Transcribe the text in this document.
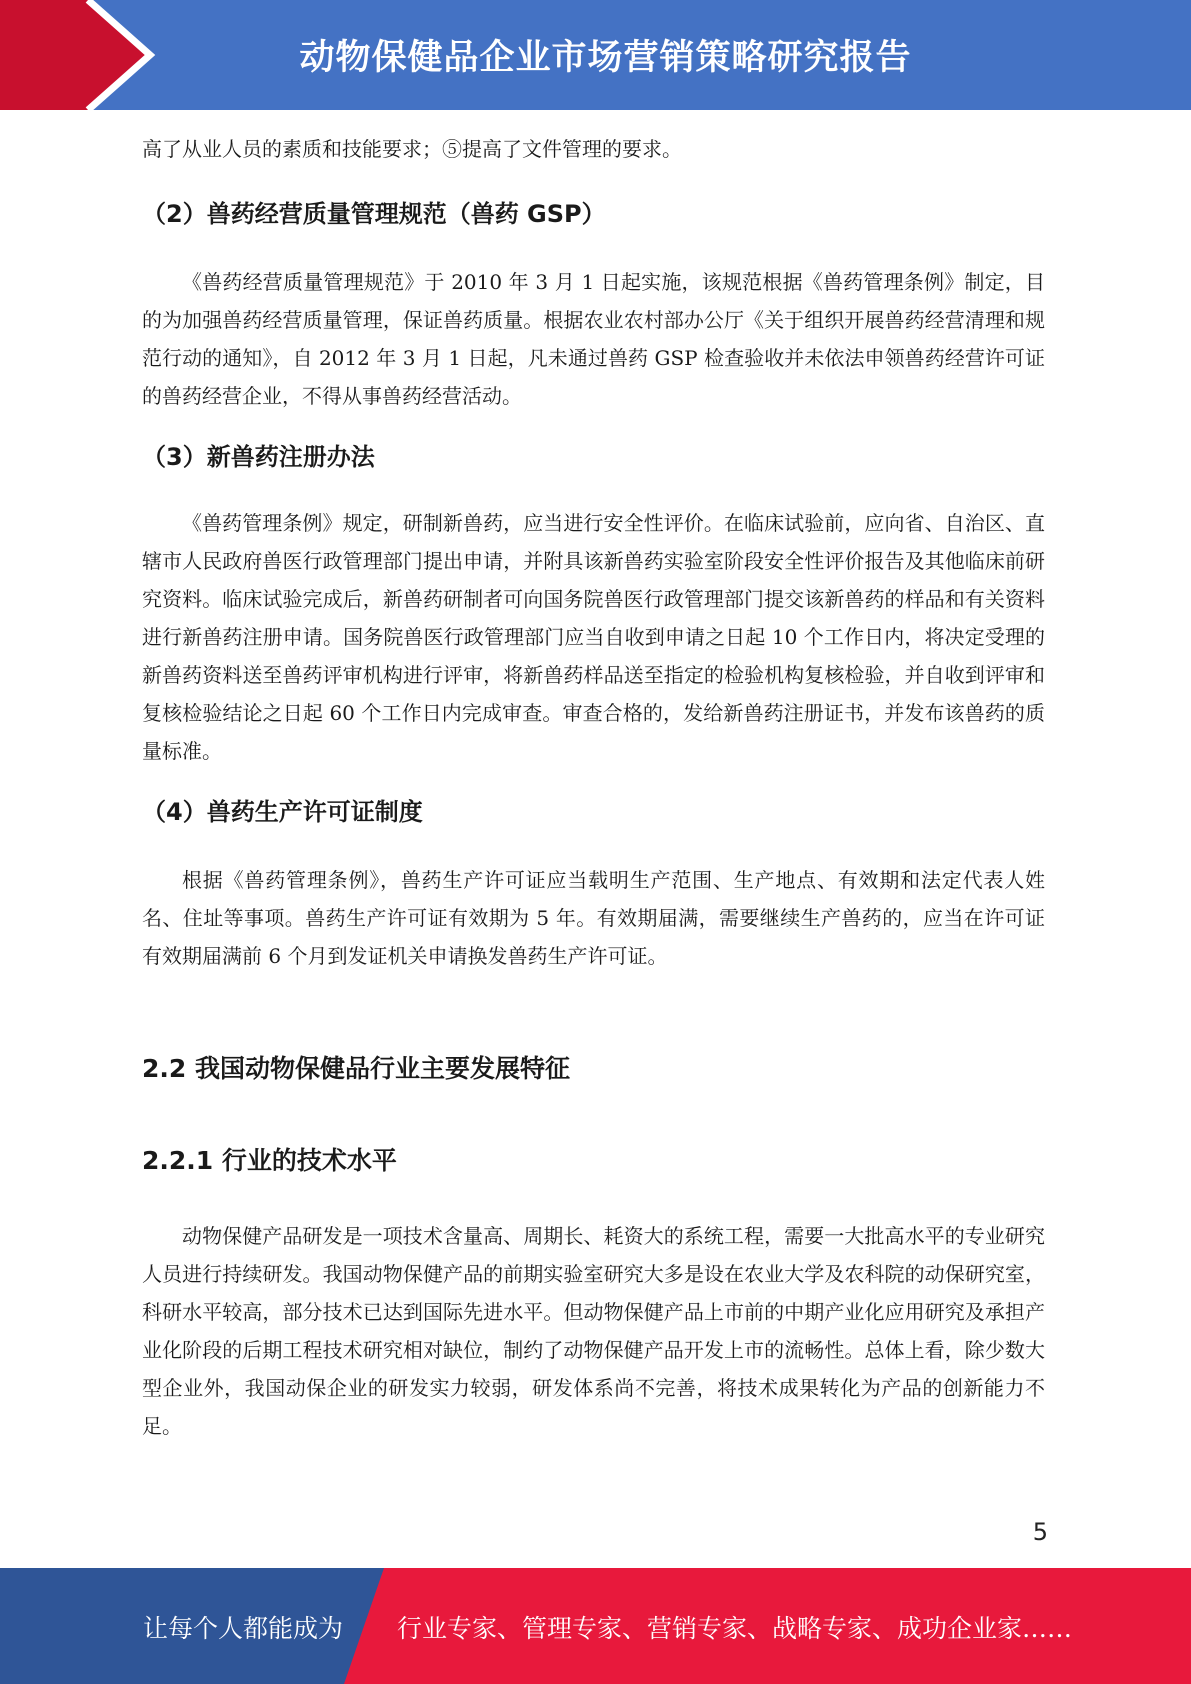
动物保健品企业市场营销策略研究报告

高了从业人员的素质和技能要求；⑤提高了文件管理的要求。

（2）兽药经营质量管理规范（兽药 GSP）

《兽药经营质量管理规范》于 2010 年 3 月 1 日起实施，该规范根据《兽药管理条例》制定，目的为加强兽药经营质量管理，保证兽药质量。根据农业农村部办公厅《关于组织开展兽药经营清理和规范行动的通知》，自 2012 年 3 月 1 日起，凡未通过兽药 GSP 检查验收并未依法申领兽药经营许可证的兽药经营企业，不得从事兽药经营活动。

（3）新兽药注册办法

《兽药管理条例》规定，研制新兽药，应当进行安全性评价。在临床试验前，应向省、自治区、直辖市人民政府兽医行政管理部门提出申请，并附具该新兽药实验室阶段安全性评价报告及其他临床前研究资料。临床试验完成后，新兽药研制者可向国务院兽医行政管理部门提交该新兽药的样品和有关资料进行新兽药注册申请。国务院兽医行政管理部门应当自收到申请之日起 10 个工作日内，将决定受理的新兽药资料送至兽药评审机构进行评审，将新兽药样品送至指定的检验机构复核检验，并自收到评审和复核检验结论之日起 60 个工作日内完成审查。审查合格的，发给新兽药注册证书，并发布该兽药的质量标准。

（4）兽药生产许可证制度

根据《兽药管理条例》，兽药生产许可证应当载明生产范围、生产地点、有效期和法定代表人姓名、住址等事项。兽药生产许可证有效期为 5 年。有效期届满，需要继续生产兽药的，应当在许可证有效期届满前 6 个月到发证机关申请换发兽药生产许可证。

2.2 我国动物保健品行业主要发展特征
2.2.1 行业的技术水平

动物保健产品研发是一项技术含量高、周期长、耗资大的系统工程，需要一大批高水平的专业研究人员进行持续研发。我国动物保健产品的前期实验室研究大多是设在农业大学及农科院的动保研究室，科研水平较高，部分技术已达到国际先进水平。但动物保健产品上市前的中期产业化应用研究及承担产业化阶段的后期工程技术研究相对缺位，制约了动物保健产品开发上市的流畅性。总体上看，除少数大型企业外，我国动保企业的研发实力较弱，研发体系尚不完善，将技术成果转化为产品的创新能力不足。

5
让每个人都能成为 行业专家、管理专家、营销专家、战略专家、成功企业家……
